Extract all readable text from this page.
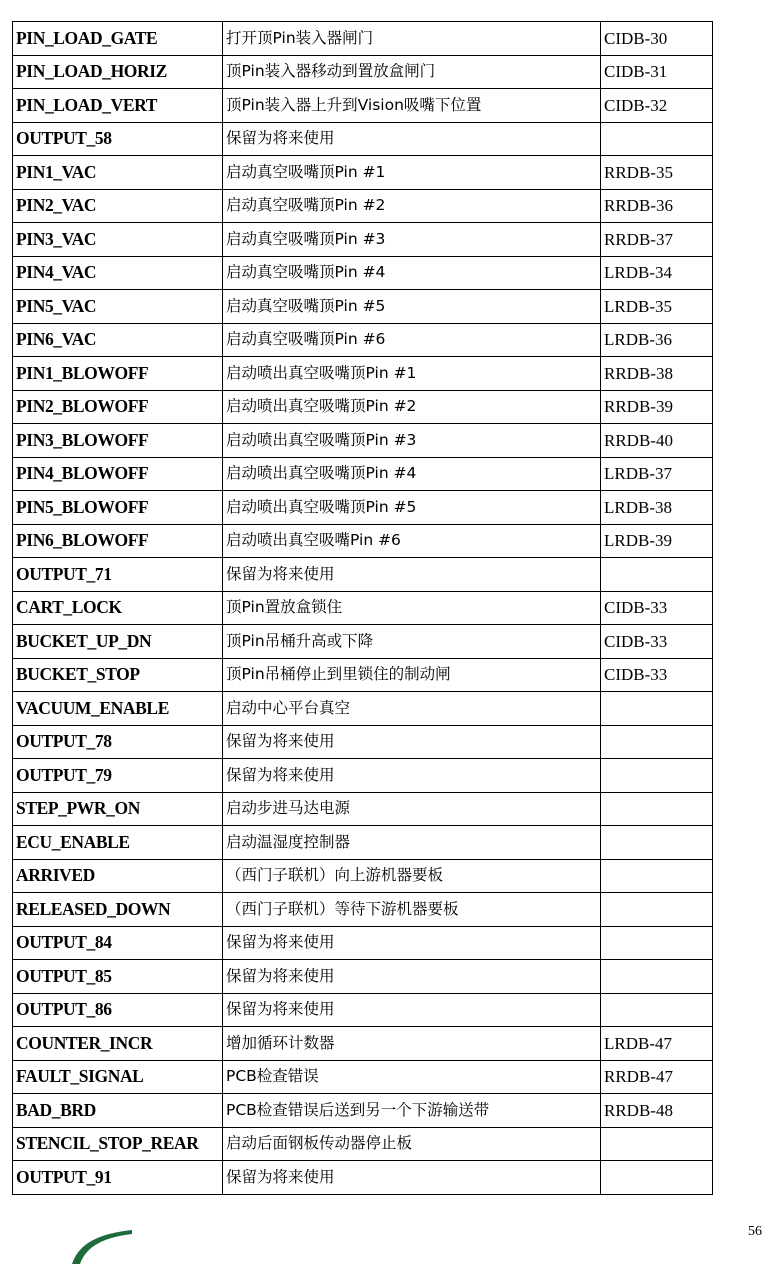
PIN_LOAD_GATE	打开顶Pin装入器闸门	CIDB-30
PIN_LOAD_HORIZ	顶Pin装入器移动到置放盒闸门	CIDB-31
PIN_LOAD_VERT	顶Pin装入器上升到Vision吸嘴下位置	CIDB-32
OUTPUT_58	保留为将来使用	
PIN1_VAC	启动真空吸嘴顶Pin #1	RRDB-35
PIN2_VAC	启动真空吸嘴顶Pin #2	RRDB-36
PIN3_VAC	启动真空吸嘴顶Pin #3	RRDB-37
PIN4_VAC	启动真空吸嘴顶Pin #4	LRDB-34
PIN5_VAC	启动真空吸嘴顶Pin #5	LRDB-35
PIN6_VAC	启动真空吸嘴顶Pin #6	LRDB-36
PIN1_BLOWOFF	启动喷出真空吸嘴顶Pin #1	RRDB-38
PIN2_BLOWOFF	启动喷出真空吸嘴顶Pin #2	RRDB-39
PIN3_BLOWOFF	启动喷出真空吸嘴顶Pin #3	RRDB-40
PIN4_BLOWOFF	启动喷出真空吸嘴顶Pin #4	LRDB-37
PIN5_BLOWOFF	启动喷出真空吸嘴顶Pin #5	LRDB-38
PIN6_BLOWOFF	启动喷出真空吸嘴Pin #6	LRDB-39
OUTPUT_71	保留为将来使用	
CART_LOCK	顶Pin置放盒锁住	CIDB-33
BUCKET_UP_DN	顶Pin吊桶升高或下降	CIDB-33
BUCKET_STOP	顶Pin吊桶停止到里锁住的制动闸	CIDB-33
VACUUM_ENABLE	启动中心平台真空	
OUTPUT_78	保留为将来使用	
OUTPUT_79	保留为将来使用	
STEP_PWR_ON	启动步进马达电源	
ECU_ENABLE	启动温湿度控制器	
ARRIVED	（西门子联机）向上游机器要板	
RELEASED_DOWN	（西门子联机）等待下游机器要板	
OUTPUT_84	保留为将来使用	
OUTPUT_85	保留为将来使用	
OUTPUT_86	保留为将来使用	
COUNTER_INCR	增加循环计数器	LRDB-47
FAULT_SIGNAL	PCB检查错误	RRDB-47
BAD_BRD	PCB检查错误后送到另一个下游输送带	RRDB-48
STENCIL_STOP_REAR	启动后面钢板传动器停止板	
OUTPUT_91	保留为将来使用	
56
